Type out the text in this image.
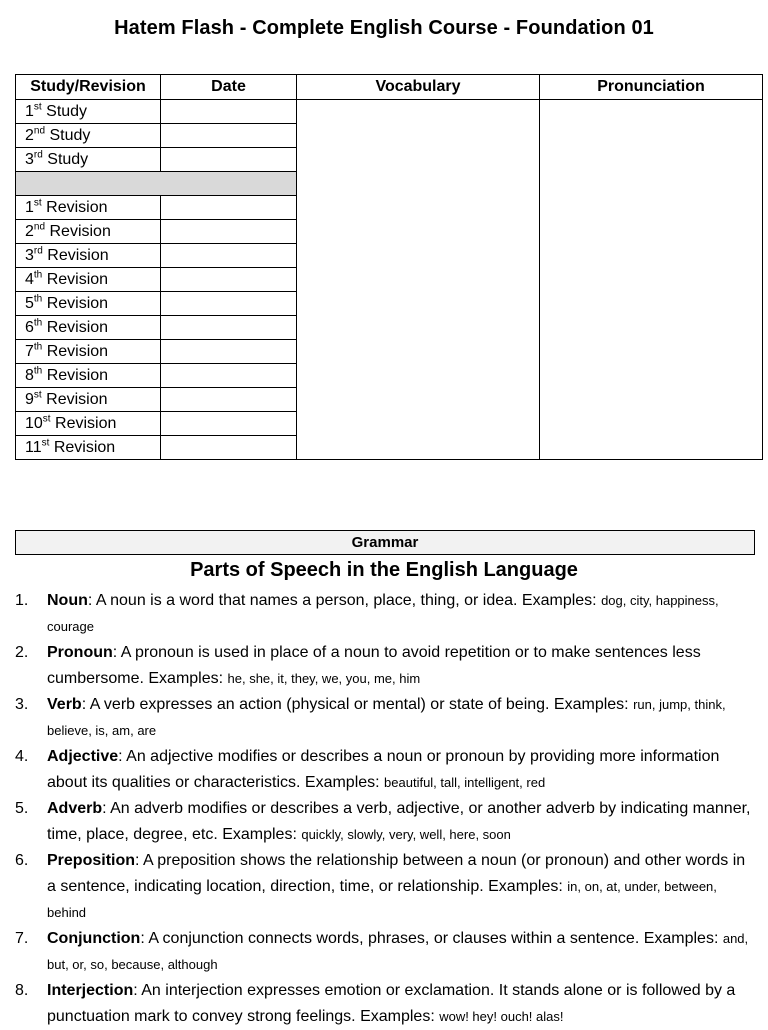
Hatem Flash - Complete English Course - Foundation 01
Study/Revision	Date	Vocabulary	Pronunciation
1st Study			
2nd Study			
3rd Study			

1st Revision			
2nd Revision			
3rd Revision			
4th Revision			
5th Revision			
6th Revision			
7th Revision			
8th Revision			
9st Revision			
10st Revision			
11st Revision			
Grammar
Parts of Speech in the English Language
1. Noun: A noun is a word that names a person, place, thing, or idea. Examples: dog, city, happiness, courage
2. Pronoun: A pronoun is used in place of a noun to avoid repetition or to make sentences less cumbersome. Examples: he, she, it, they, we, you, me, him
3. Verb: A verb expresses an action (physical or mental) or state of being. Examples: run, jump, think, believe, is, am, are
4. Adjective: An adjective modifies or describes a noun or pronoun by providing more information about its qualities or characteristics. Examples: beautiful, tall, intelligent, red
5. Adverb: An adverb modifies or describes a verb, adjective, or another adverb by indicating manner, time, place, degree, etc. Examples: quickly, slowly, very, well, here, soon
6. Preposition: A preposition shows the relationship between a noun (or pronoun) and other words in a sentence, indicating location, direction, time, or relationship. Examples: in, on, at, under, between, behind
7. Conjunction: A conjunction connects words, phrases, or clauses within a sentence. Examples: and, but, or, so, because, although
8. Interjection: An interjection expresses emotion or exclamation. It stands alone or is followed by a punctuation mark to convey strong feelings. Examples: wow! hey! ouch! alas!
